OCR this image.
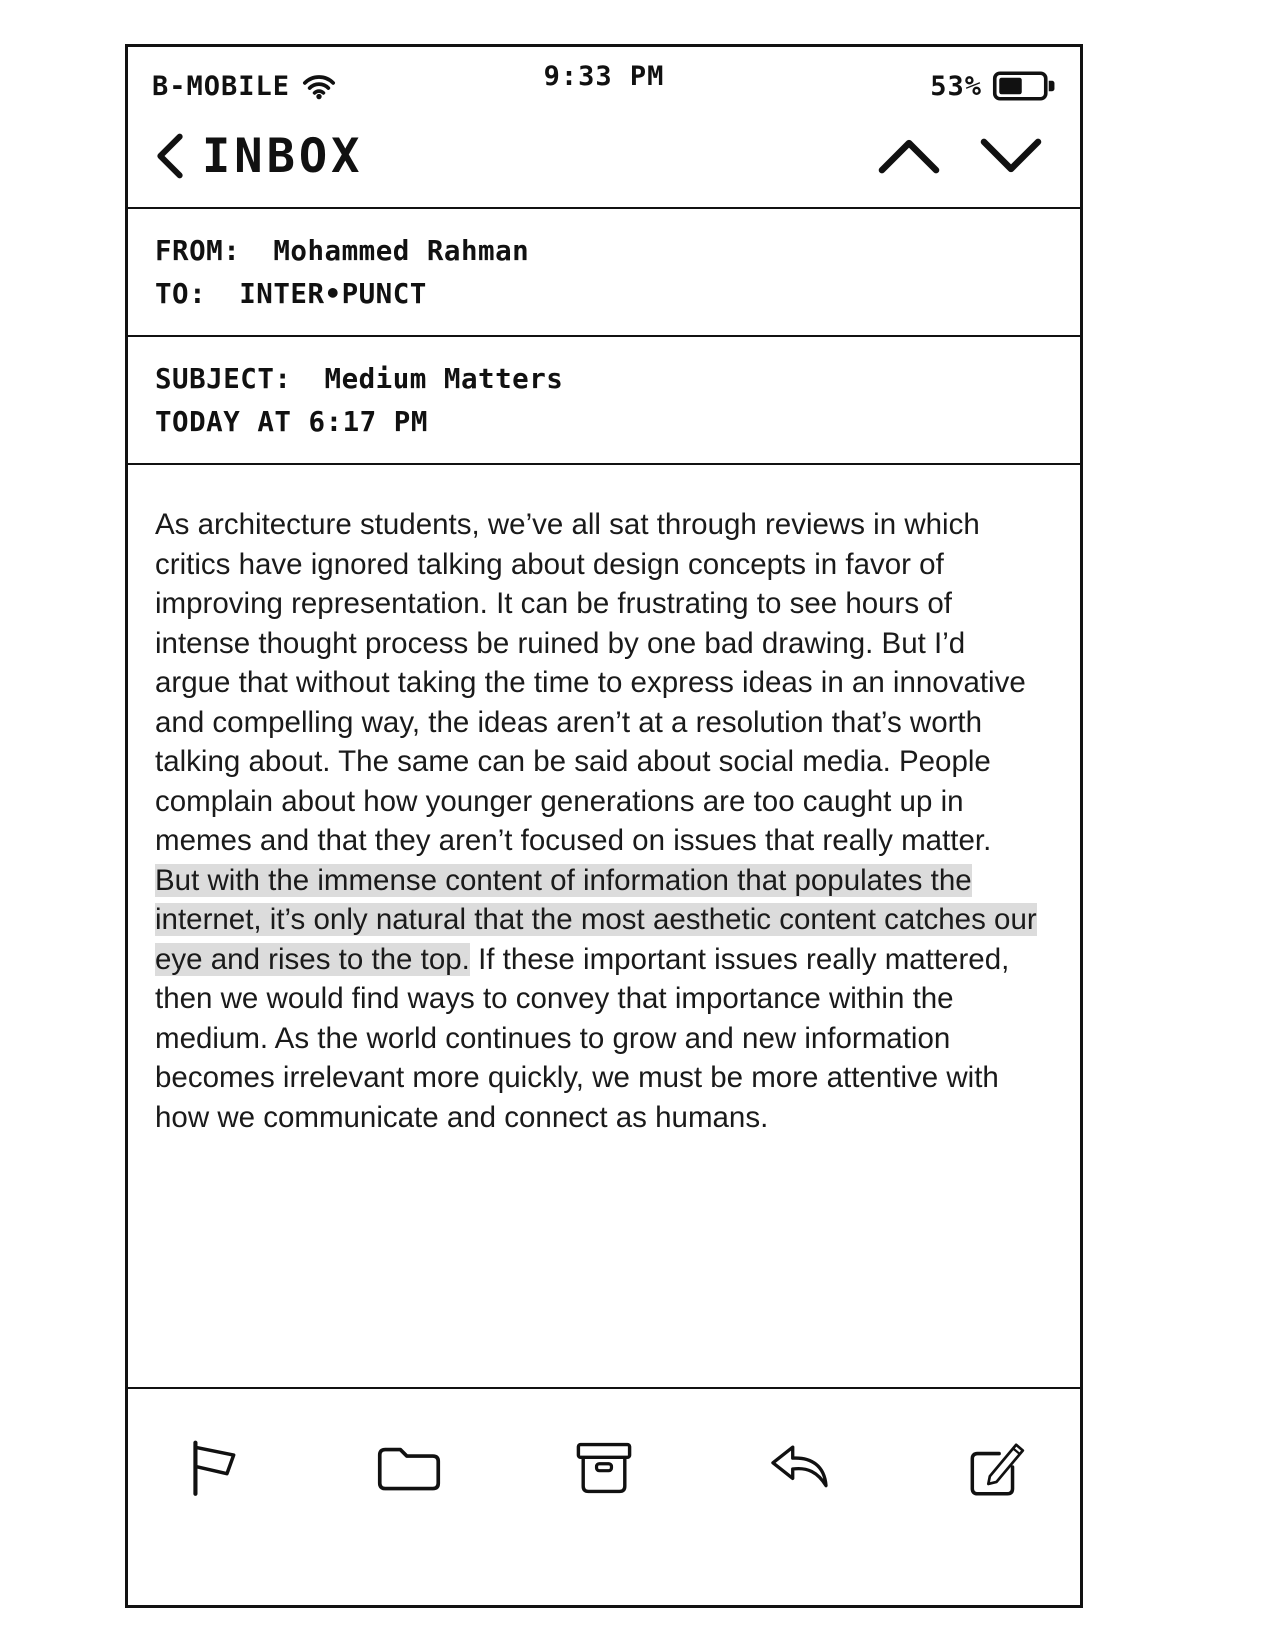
B-MOBILE	9:33 PM	53%
INBOX
FROM: Mohammed Rahman
TO: INTER•PUNCT
SUBJECT: Medium Matters
TODAY AT 6:17 PM
As architecture students, we’ve all sat through reviews in which critics have ignored talking about design concepts in favor of improving representation. It can be frustrating to see hours of intense thought process be ruined by one bad drawing. But I’d argue that without taking the time to express ideas in an innovative and compelling way, the ideas aren’t at a resolution that’s worth talking about. The same can be said about social media. People complain about how younger generations are too caught up in memes and that they aren’t focused on issues that really matter. But with the immense content of information that populates the internet, it’s only natural that the most aesthetic content catches our eye and rises to the top. If these important issues really mattered, then we would find ways to convey that importance within the medium. As the world continues to grow and new information becomes irrelevant more quickly, we must be more attentive with how we communicate and connect as humans.
